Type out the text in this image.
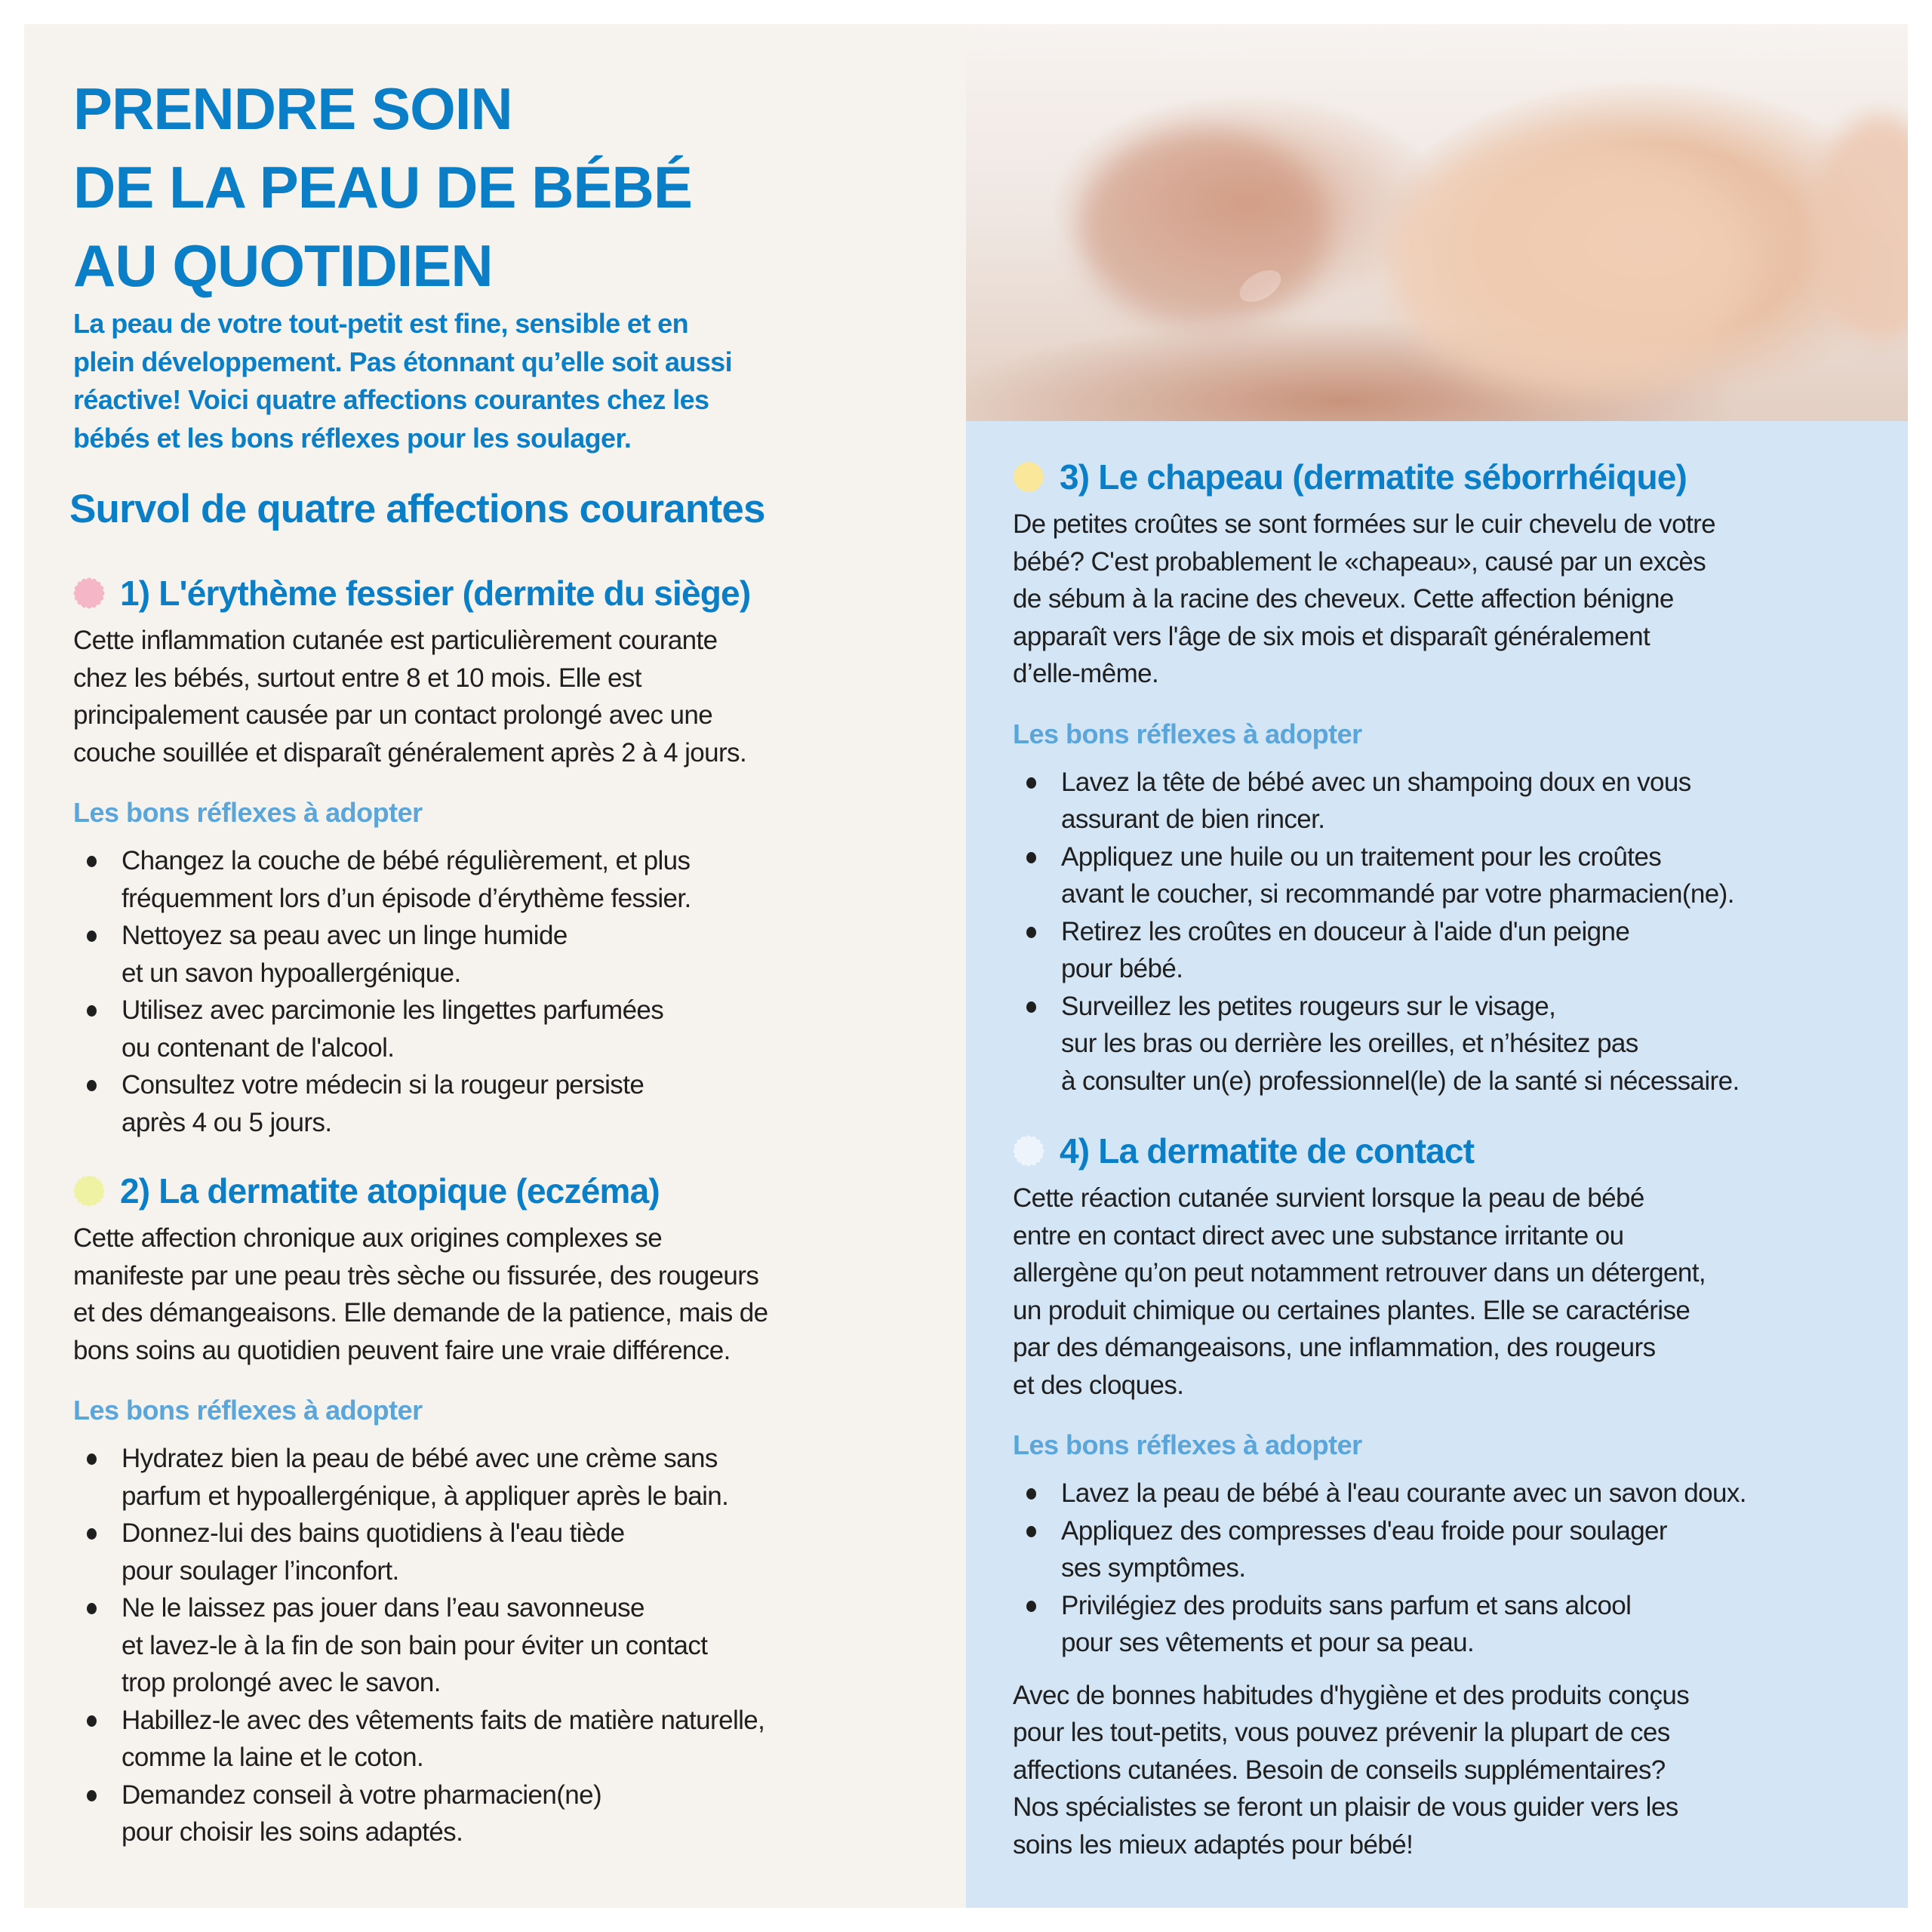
PRENDRE SOIN
DE LA PEAU DE BÉBÉ
AU QUOTIDIEN

La peau de votre tout-petit est fine, sensible et en
plein développement. Pas étonnant qu’elle soit aussi
réactive! Voici quatre affections courantes chez les
bébés et les bons réflexes pour les soulager.

Survol de quatre affections courantes
1) L'érythème fessier (dermite du siège)

Cette inflammation cutanée est particulièrement courante
chez les bébés, surtout entre 8 et 10 mois. Elle est
principalement causée par un contact prolongé avec une
couche souillée et disparaît généralement après 2 à 4 jours.

Les bons réflexes à adopter
Changez la couche de bébé régulièrement, et plus
fréquemment lors d’un épisode d’érythème fessier.
Nettoyez sa peau avec un linge humide
et un savon hypoallergénique.
Utilisez avec parcimonie les lingettes parfumées
ou contenant de l'alcool.
Consultez votre médecin si la rougeur persiste
après 4 ou 5 jours.
2) La dermatite atopique (eczéma)

Cette affection chronique aux origines complexes se
manifeste par une peau très sèche ou fissurée, des rougeurs
et des démangeaisons. Elle demande de la patience, mais de
bons soins au quotidien peuvent faire une vraie différence.

Les bons réflexes à adopter
Hydratez bien la peau de bébé avec une crème sans
parfum et hypoallergénique, à appliquer après le bain.
Donnez-lui des bains quotidiens à l'eau tiède
pour soulager l’inconfort.
Ne le laissez pas jouer dans l’eau savonneuse
et lavez-le à la fin de son bain pour éviter un contact
trop prolongé avec le savon.
Habillez-le avec des vêtements faits de matière naturelle,
comme la laine et le coton.
Demandez conseil à votre pharmacien(ne)
pour choisir les soins adaptés.
3) Le chapeau (dermatite séborrhéique)

De petites croûtes se sont formées sur le cuir chevelu de votre
bébé? C'est probablement le «chapeau», causé par un excès
de sébum à la racine des cheveux. Cette affection bénigne
apparaît vers l'âge de six mois et disparaît généralement
d’elle-même.

Les bons réflexes à adopter
Lavez la tête de bébé avec un shampoing doux en vous
assurant de bien rincer.
Appliquez une huile ou un traitement pour les croûtes
avant le coucher, si recommandé par votre pharmacien(ne).
Retirez les croûtes en douceur à l'aide d'un peigne
pour bébé.
Surveillez les petites rougeurs sur le visage,
sur les bras ou derrière les oreilles, et n’hésitez pas
à consulter un(e) professionnel(le) de la santé si nécessaire.
4) La dermatite de contact

Cette réaction cutanée survient lorsque la peau de bébé
entre en contact direct avec une substance irritante ou
allergène qu’on peut notamment retrouver dans un détergent,
un produit chimique ou certaines plantes. Elle se caractérise
par des démangeaisons, une inflammation, des rougeurs
et des cloques.

Les bons réflexes à adopter
Lavez la peau de bébé à l'eau courante avec un savon doux.
Appliquez des compresses d'eau froide pour soulager
ses symptômes.
Privilégiez des produits sans parfum et sans alcool
pour ses vêtements et pour sa peau.

Avec de bonnes habitudes d'hygiène et des produits conçus
pour les tout-petits, vous pouvez prévenir la plupart de ces
affections cutanées. Besoin de conseils supplémentaires?
Nos spécialistes se feront un plaisir de vous guider vers les
soins les mieux adaptés pour bébé!
